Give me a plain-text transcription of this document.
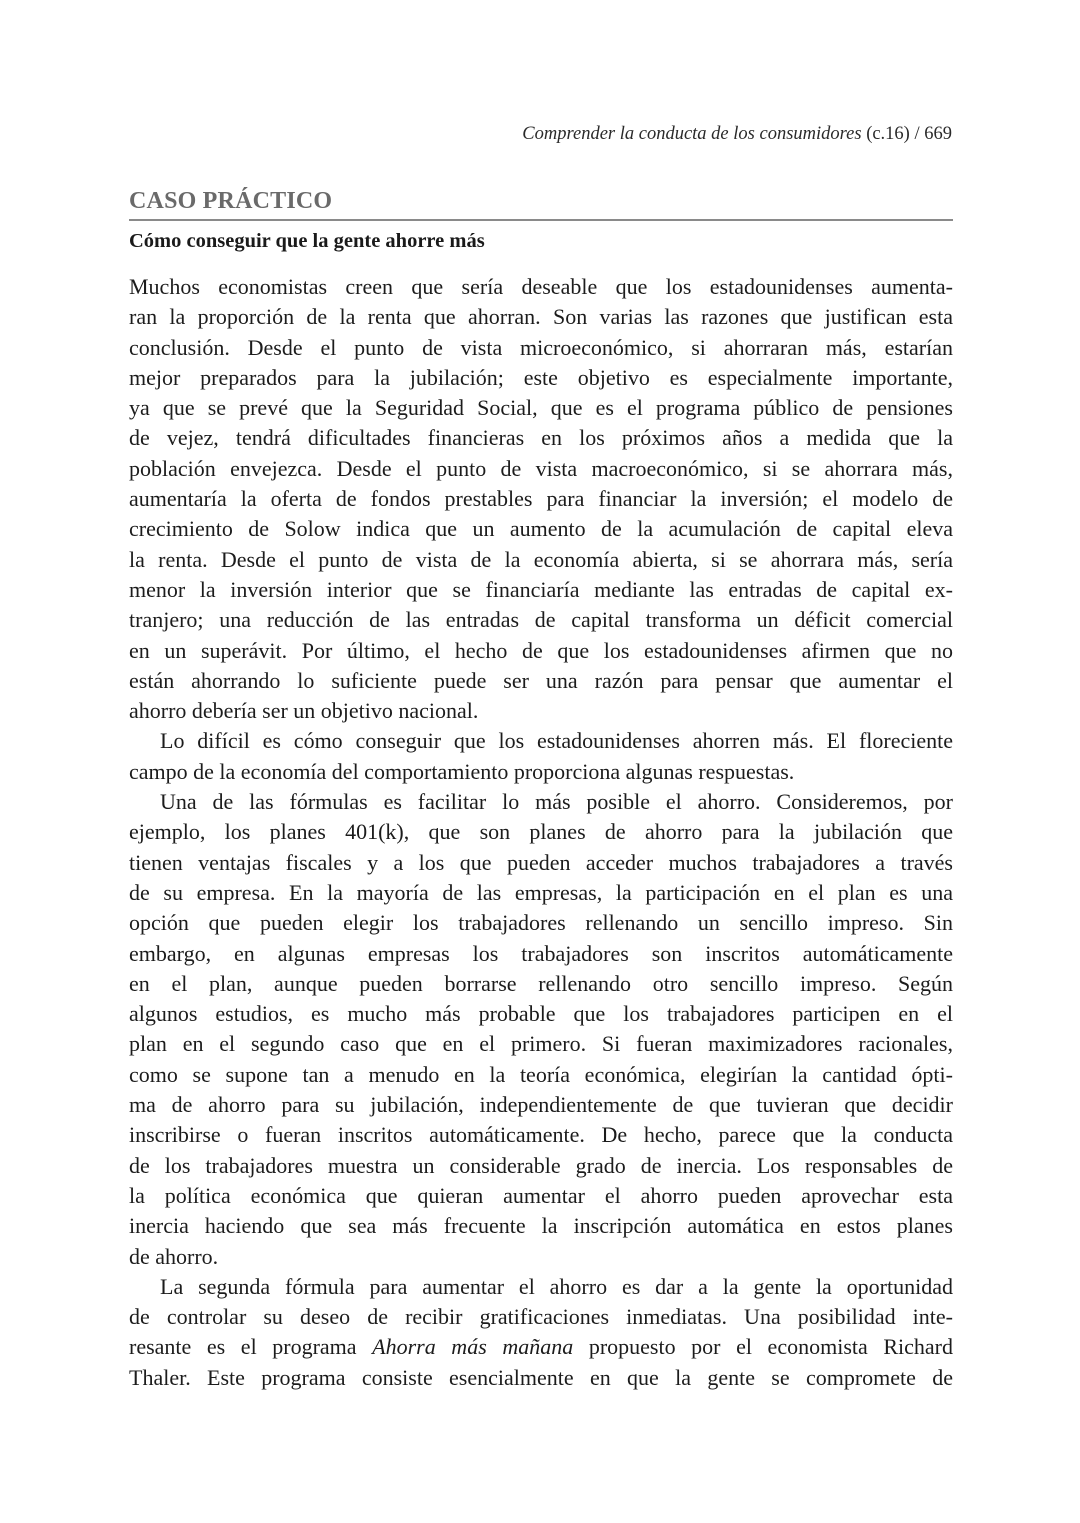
Comprender la conducta de los consumidores (c.16) / 669
CASO PRÁCTICO
Cómo conseguir que la gente ahorre más

Muchos economistas creen que sería deseable que los estadounidenses aumenta-
ran la proporción de la renta que ahorran. Son varias las razones que justifican esta
conclusión. Desde el punto de vista microeconómico, si ahorraran más, estarían
mejor preparados para la jubilación; este objetivo es especialmente importante,
ya que se prevé que la Seguridad Social, que es el programa público de pensiones
de vejez, tendrá dificultades financieras en los próximos años a medida que la
población envejezca. Desde el punto de vista macroeconómico, si se ahorrara más,
aumentaría la oferta de fondos prestables para financiar la inversión; el modelo de
crecimiento de Solow indica que un aumento de la acumulación de capital eleva
la renta. Desde el punto de vista de la economía abierta, si se ahorrara más, sería
menor la inversión interior que se financiaría mediante las entradas de capital ex-
tranjero; una reducción de las entradas de capital transforma un déficit comercial
en un superávit. Por último, el hecho de que los estadounidenses afirmen que no
están ahorrando lo suficiente puede ser una razón para pensar que aumentar el
ahorro debería ser un objetivo nacional.

Lo difícil es cómo conseguir que los estadounidenses ahorren más. El floreciente
campo de la economía del comportamiento proporciona algunas respuestas.

Una de las fórmulas es facilitar lo más posible el ahorro. Consideremos, por
ejemplo, los planes 401(k), que son planes de ahorro para la jubilación que
tienen ventajas fiscales y a los que pueden acceder muchos trabajadores a través
de su empresa. En la mayoría de las empresas, la participación en el plan es una
opción que pueden elegir los trabajadores rellenando un sencillo impreso. Sin
embargo, en algunas empresas los trabajadores son inscritos automáticamente
en el plan, aunque pueden borrarse rellenando otro sencillo impreso. Según
algunos estudios, es mucho más probable que los trabajadores participen en el
plan en el segundo caso que en el primero. Si fueran maximizadores racionales,
como se supone tan a menudo en la teoría económica, elegirían la cantidad ópti-
ma de ahorro para su jubilación, independientemente de que tuvieran que decidir
inscribirse o fueran inscritos automáticamente. De hecho, parece que la conducta
de los trabajadores muestra un considerable grado de inercia. Los responsables de
la política económica que quieran aumentar el ahorro pueden aprovechar esta
inercia haciendo que sea más frecuente la inscripción automática en estos planes
de ahorro.

La segunda fórmula para aumentar el ahorro es dar a la gente la oportunidad
de controlar su deseo de recibir gratificaciones inmediatas. Una posibilidad inte-
resante es el programa Ahorra más mañana propuesto por el economista Richard
Thaler. Este programa consiste esencialmente en que la gente se compromete de
